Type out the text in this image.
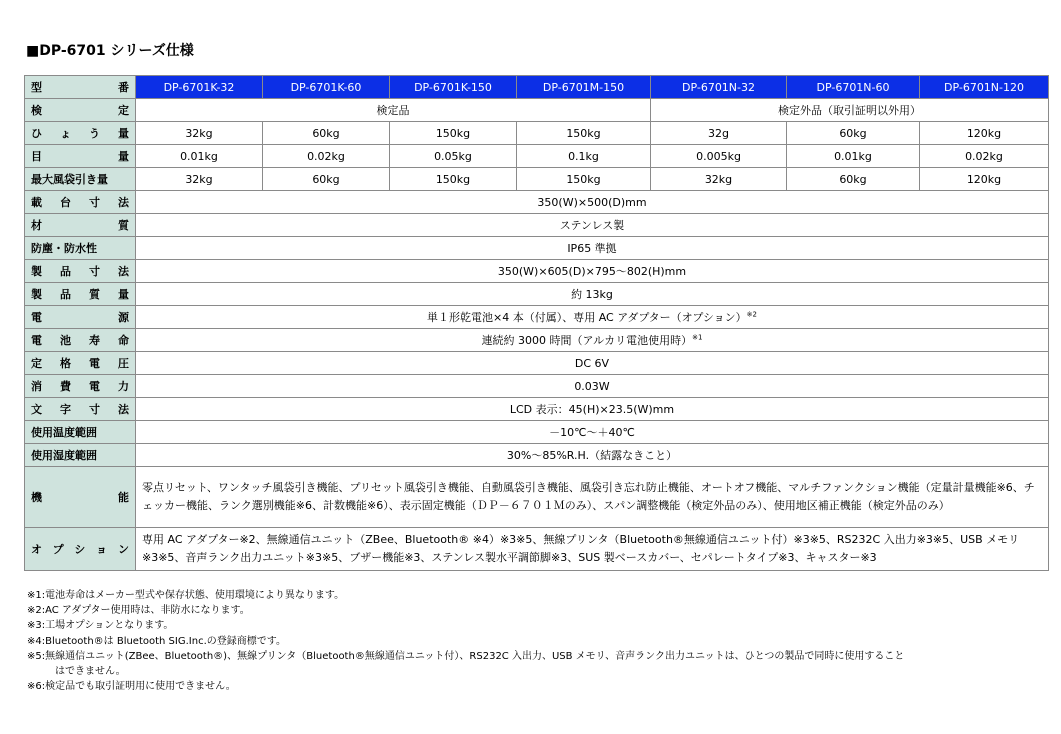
■DP-6701 シリーズ仕様
型　番	DP-6701K-32	DP-6701K-60	DP-6701K-150	DP-6701M-150	DP-6701N-32	DP-6701N-60	DP-6701N-120
検　定	検定品				検定外品（取引証明以外用）		
ひょう量	32kg	60kg	150kg	150kg	32g	60kg	120kg
目　量	0.01kg	0.02kg	0.05kg	0.1kg	0.005kg	0.01kg	0.02kg
最大風袋引き量	32kg	60kg	150kg	150kg	32kg	60kg	120kg
載台寸法	350(W)×500(D)mm						
材　質	ステンレス製						
防塵・防水性	IP65 準拠						
製品寸法	350(W)×605(D)×795～802(H)mm						
製品質量	約 13kg						
電　源	単１形乾電池×4 本（付属）、専用 AC アダプター（オプション）$^{※2}$
電池寿命	連続約 3000 時間（アルカリ電池使用時）$^{※1}$
定格電圧	DC 6V						
消費電力	0.03W						
文字寸法	LCD 表示：45(H)×23.5(W)mm						
使用温度範囲	－10℃～＋40℃						
使用湿度範囲	30%～85%R.H.（結露なきこと）						
機　能	零点リセット、ワンタッチ風袋引き機能、プリセット風袋引き機能、自動風袋引き機能、風袋引き忘れ防止機能、オートオフ機能、マルチファンクション機能（定量計量機能※6、チェッカー機能、ランク選別機能※6、計数機能※6）、表示固定機能（ＤＰ－６７０１Ｍのみ）、スパン調整機能（検定外品のみ）、使用地区補正機能（検定外品のみ）						
オプション	専用 AC アダプター※2、無線通信ユニット（ZBee、Bluetooth® ※4）※3※5、無線プリンタ（Bluetooth®無線通信ユニット付）※3※5、RS232C 入出力※3※5、USB メモリ※3※5、音声ランク出力ユニット※3※5、ブザー機能※3、ステンレス製水平調節脚※3、SUS 製ベースカバー、セパレートタイプ※3、キャスター※3						
※1:電池寿命はメーカー型式や保存状態、使用環境により異なります。
※2:AC アダプター使用時は、非防水になります。
※3:工場オプションとなります。
※4:Bluetooth®は Bluetooth SIG.Inc.の登録商標です。
※5:無線通信ユニット(ZBee、Bluetooth®)、無線プリンタ（Bluetooth®無線通信ユニット付）、RS232C 入出力、USB メモリ、音声ランク出力ユニットは、ひとつの製品で同時に使用すること
はできません。
※6:検定品でも取引証明用に使用できません。
